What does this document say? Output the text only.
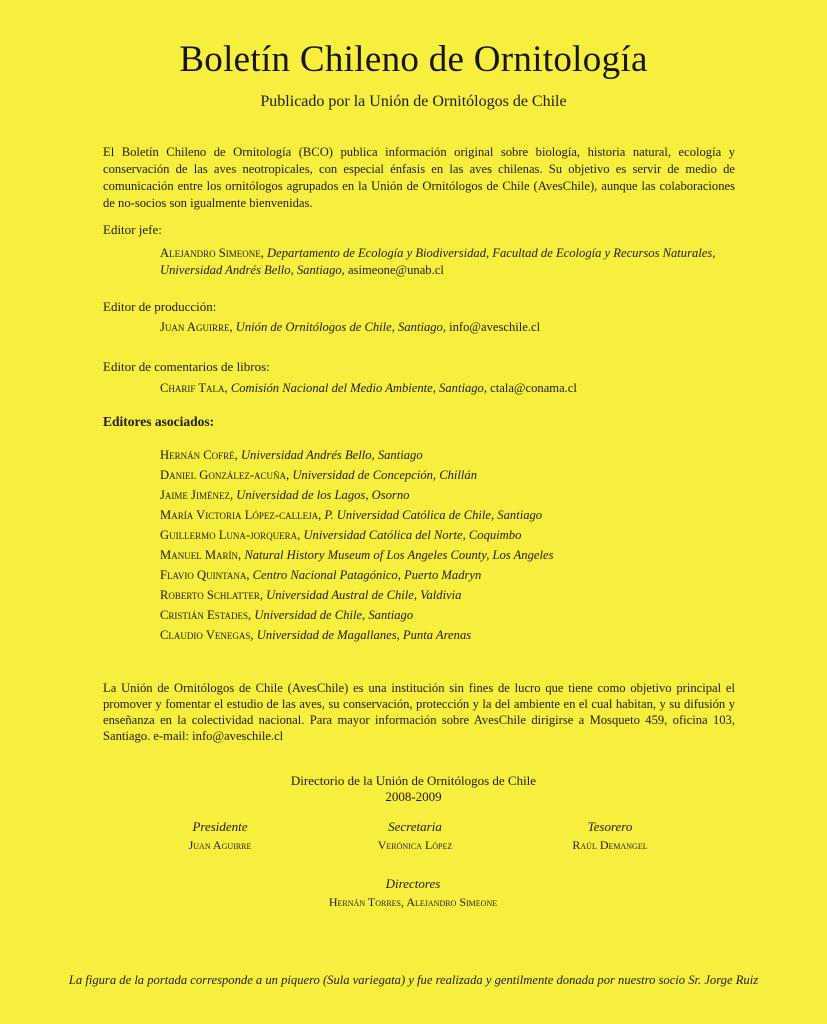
Boletín Chileno de Ornitología
Publicado por la Unión de Ornitólogos de Chile
El Boletín Chileno de Ornitología (BCO) publica información original sobre biología, historia natural, ecología y conservación de las aves neotropicales, con especial énfasis en las aves chilenas. Su objetivo es servir de medio de comunicación entre los ornitólogos agrupados en la Unión de Ornitólogos de Chile (AvesChile), aunque las colaboraciones de no-socios son igualmente bienvenidas.
Editor jefe:
Alejandro Simeone, Departamento de Ecología y Biodiversidad, Facultad de Ecología y Recursos Naturales, Universidad Andrés Bello, Santiago, asimeone@unab.cl
Editor de producción:
Juan Aguirre, Unión de Ornitólogos de Chile, Santiago, info@aveschile.cl
Editor de comentarios de libros:
Charif Tala, Comisión Nacional del Medio Ambiente, Santiago, ctala@conama.cl
Editores asociados:
Hernán Cofré, Universidad Andrés Bello, Santiago
Daniel González-acuña, Universidad de Concepción, Chillán
Jaime Jiménez, Universidad de los Lagos, Osorno
María Victoria López-calleja, P. Universidad Católica de Chile, Santiago
Guillermo Luna-jorquera, Universidad Católica del Norte, Coquimbo
Manuel Marín, Natural History Museum of Los Angeles County, Los Angeles
Flavio Quintana, Centro Nacional Patagónico, Puerto Madryn
Roberto Schlatter, Universidad Austral de Chile, Valdivia
Cristián Estades, Universidad de Chile, Santiago
Claudio Venegas, Universidad de Magallanes, Punta Arenas
La Unión de Ornitólogos de Chile (AvesChile) es una institución sin fines de lucro que tiene como objetivo principal el promover y fomentar el estudio de las aves, su conservación, protección y la del ambiente en el cual habitan, y su difusión y enseñanza en la colectividad nacional. Para mayor información sobre AvesChile dirigirse a Mosqueto 459, oficina 103, Santiago. e-mail: info@aveschile.cl
Directorio de la Unión de Ornitólogos de Chile
2008-2009
Presidente
Juan Aguirre
Secretaria
Verónica López
Tesorero
Raúl Demangel
Directores
Hernán Torres, Alejandro Simeone
La figura de la portada corresponde a un piquero (Sula variegata) y fue realizada y gentilmente donada por nuestro socio Sr. Jorge Ruiz
